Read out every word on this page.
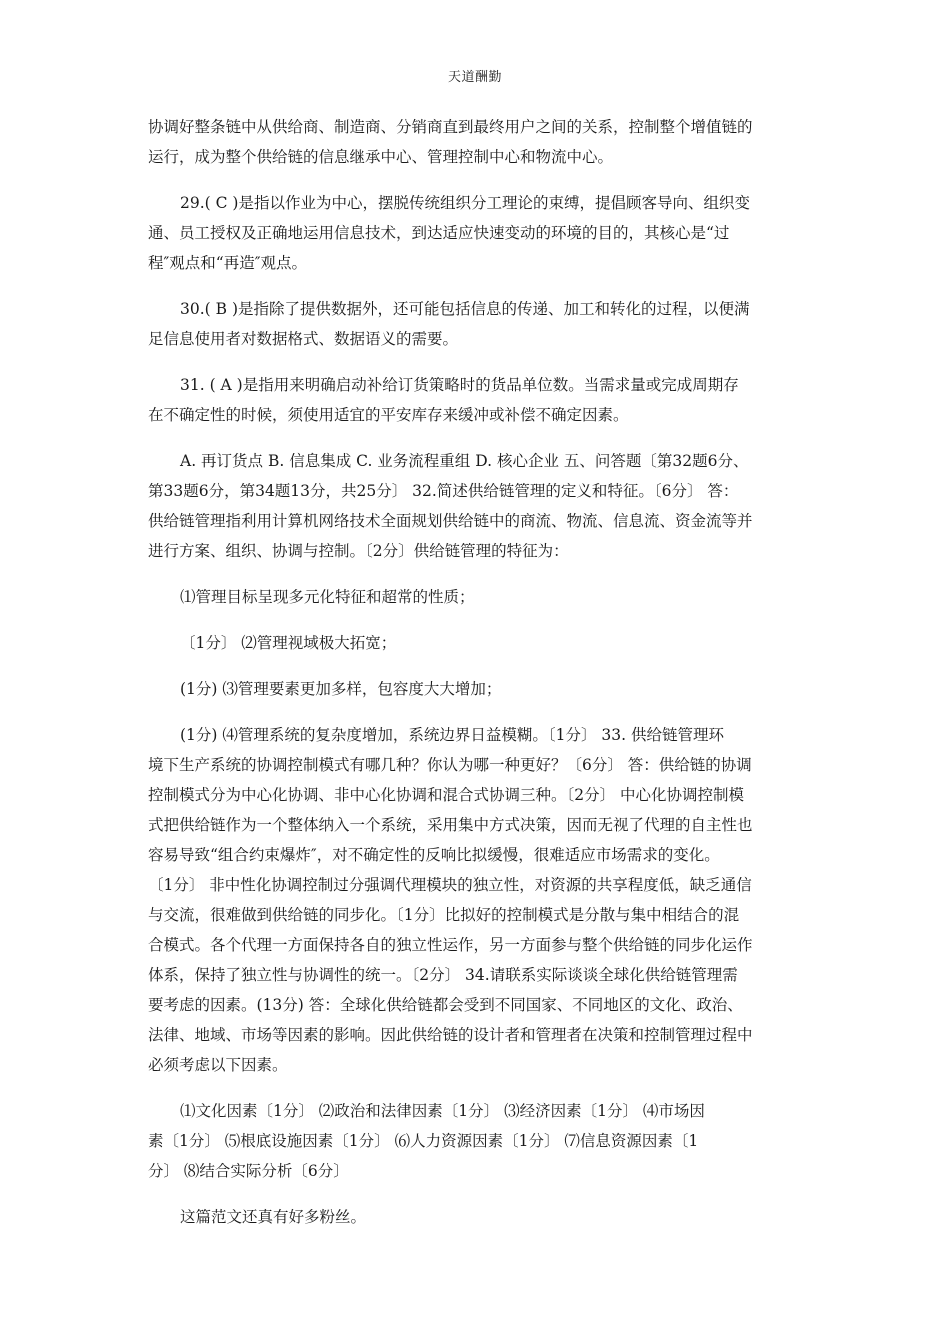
天道酬勤
协调好整条链中从供给商、制造商、分销商直到最终用户之间的关系，控制整个增值链的
运行，成为整个供给链的信息继承中心、管理控制中心和物流中心。
29.( C )是指以作业为中心，摆脱传统组织分工理论的束缚，提倡顾客导向、组织变
通、员工授权及正确地运用信息技术，到达适应快速变动的环境的目的，其核心是“过
程″观点和“再造″观点。
30.( B )是指除了提供数据外，还可能包括信息的传递、加工和转化的过程，以便满
足信息使用者对数据格式、数据语义的需要。
31. ( A )是指用来明确启动补给订货策略时的货品单位数。当需求量或完成周期存
在不确定性的时候，须使用适宜的平安库存来缓冲或补偿不确定因素。
A. 再订货点 B. 信息集成 C. 业务流程重组 D. 核心企业 五、问答题〔第32题6分、
第33题6分，第34题13分，共25分〕 32.简述供给链管理的定义和特征。〔6分〕 答：
供给链管理指利用计算机网络技术全面规划供给链中的商流、物流、信息流、资金流等并
进行方案、组织、协调与控制。〔2分〕供给链管理的特征为：
⑴管理目标呈现多元化特征和超常的性质；
〔1分〕 ⑵管理视域极大拓宽；
(1分) ⑶管理要素更加多样，包容度大大增加；
(1分) ⑷管理系统的复杂度增加，系统边界日益模糊。〔1分〕 33. 供给链管理环
境下生产系统的协调控制模式有哪几种？你认为哪一种更好？〔6分〕 答：供给链的协调
控制模式分为中心化协调、非中心化协调和混合式协调三种。〔2分〕 中心化协调控制模
式把供给链作为一个整体纳入一个系统，采用集中方式决策，因而无视了代理的自主性也
容易导致“组合约束爆炸″，对不确定性的反响比拟缓慢，很难适应市场需求的变化。
〔1分〕 非中性化协调控制过分强调代理模块的独立性，对资源的共享程度低，缺乏通信
与交流，很难做到供给链的同步化。〔1分〕比拟好的控制模式是分散与集中相结合的混
合模式。各个代理一方面保持各自的独立性运作，另一方面参与整个供给链的同步化运作
体系，保持了独立性与协调性的统一。〔2分〕 34.请联系实际谈谈全球化供给链管理需
要考虑的因素。(13分) 答：全球化供给链都会受到不同国家、不同地区的文化、政治、
法律、地域、市场等因素的影响。因此供给链的设计者和管理者在决策和控制管理过程中
必须考虑以下因素。
⑴文化因素〔1分〕 ⑵政治和法律因素〔1分〕 ⑶经济因素〔1分〕 ⑷市场因
素〔1分〕 ⑸根底设施因素〔1分〕 ⑹人力资源因素〔1分〕 ⑺信息资源因素〔1
分〕 ⑻结合实际分析〔6分〕
这篇范文还真有好多粉丝。
